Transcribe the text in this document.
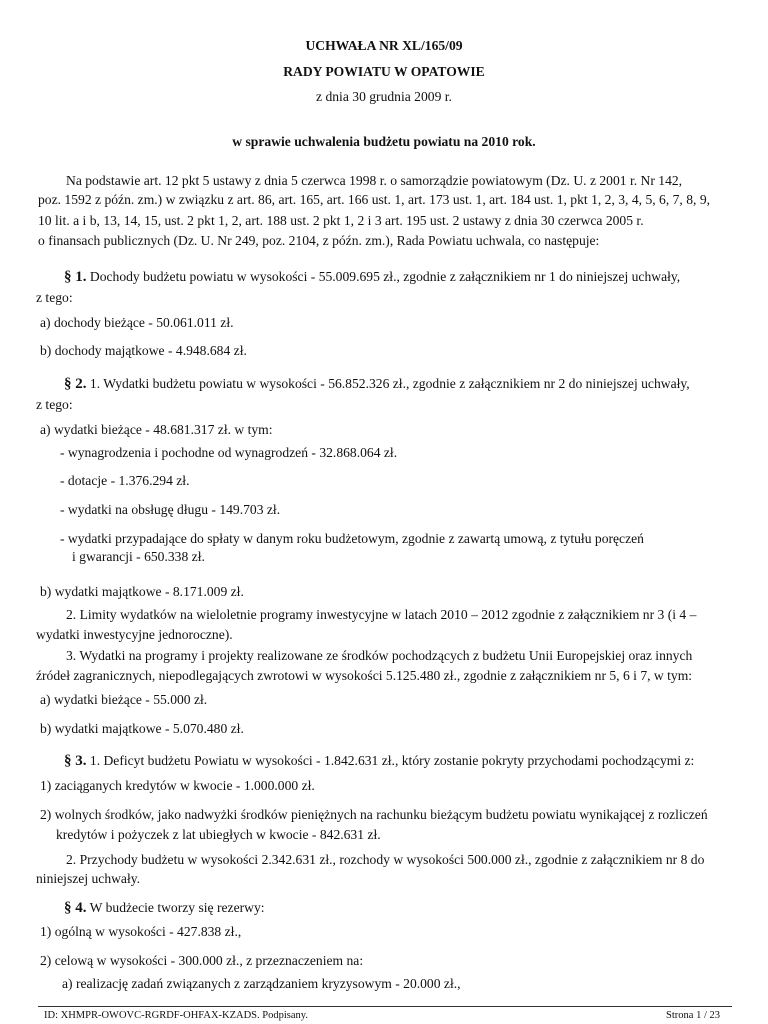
UCHWAŁA NR XL/165/09
RADY POWIATU W OPATOWIE
z dnia 30 grudnia 2009 r.
w sprawie uchwalenia budżetu powiatu na 2010 rok.
Na podstawie art. 12 pkt 5 ustawy z dnia 5 czerwca 1998 r. o samorządzie powiatowym (Dz. U. z 2001 r. Nr 142,
poz. 1592 z późn. zm.) w związku z art. 86, art. 165, art. 166 ust. 1, art. 173 ust. 1, art. 184 ust. 1, pkt 1, 2, 3, 4, 5, 6, 7, 8, 9,
10 lit. a i b, 13, 14, 15, ust. 2 pkt 1, 2, art. 188 ust. 2 pkt 1, 2 i 3 art. 195 ust. 2 ustawy z dnia 30 czerwca 2005 r.
o finansach publicznych (Dz. U. Nr 249, poz. 2104, z późn. zm.), Rada Powiatu uchwala, co następuje:
§ 1. Dochody budżetu powiatu w wysokości - 55.009.695 zł., zgodnie z załącznikiem nr 1 do niniejszej uchwały,
z tego:
a) dochody bieżące - 50.061.011 zł.
b) dochody majątkowe - 4.948.684 zł.
§ 2. 1. Wydatki budżetu powiatu w wysokości - 56.852.326 zł., zgodnie z załącznikiem nr 2 do niniejszej uchwały,
z tego:
a) wydatki bieżące - 48.681.317 zł. w tym:
- wynagrodzenia i pochodne od wynagrodzeń - 32.868.064 zł.
- dotacje - 1.376.294 zł.
- wydatki na obsługę długu - 149.703 zł.
- wydatki przypadające do spłaty w danym roku budżetowym, zgodnie z zawartą umową, z tytułu poręczeń
i gwarancji - 650.338 zł.
b) wydatki majątkowe - 8.171.009 zł.
2. Limity wydatków na wieloletnie programy inwestycyjne w latach 2010 – 2012 zgodnie z załącznikiem nr 3 (i 4 –
wydatki inwestycyjne jednoroczne).
3. Wydatki na programy i projekty realizowane ze środków pochodzących z budżetu Unii Europejskiej oraz innych
źródeł zagranicznych, niepodlegających zwrotowi w wysokości 5.125.480 zł., zgodnie z załącznikiem nr 5, 6 i 7, w tym:
a) wydatki bieżące - 55.000 zł.
b) wydatki majątkowe - 5.070.480 zł.
§ 3. 1. Deficyt budżetu Powiatu w wysokości - 1.842.631 zł., który zostanie pokryty przychodami pochodzącymi z:
1) zaciąganych kredytów w kwocie - 1.000.000 zł.
2) wolnych środków, jako nadwyżki środków pieniężnych na rachunku bieżącym budżetu powiatu wynikającej z rozliczeń
kredytów i pożyczek z lat ubiegłych w kwocie - 842.631 zł.
2. Przychody budżetu w wysokości 2.342.631 zł., rozchody w wysokości 500.000 zł., zgodnie z załącznikiem nr 8 do
niniejszej uchwały.
§ 4. W budżecie tworzy się rezerwy:
1) ogólną w wysokości - 427.838 zł.,
2) celową w wysokości - 300.000 zł., z przeznaczeniem na:
a) realizację zadań związanych z zarządzaniem kryzysowym - 20.000 zł.,
ID: XHMPR-OWOVC-RGRDF-OHFAX-KZADS. Podpisany.	Strona 1 / 23
